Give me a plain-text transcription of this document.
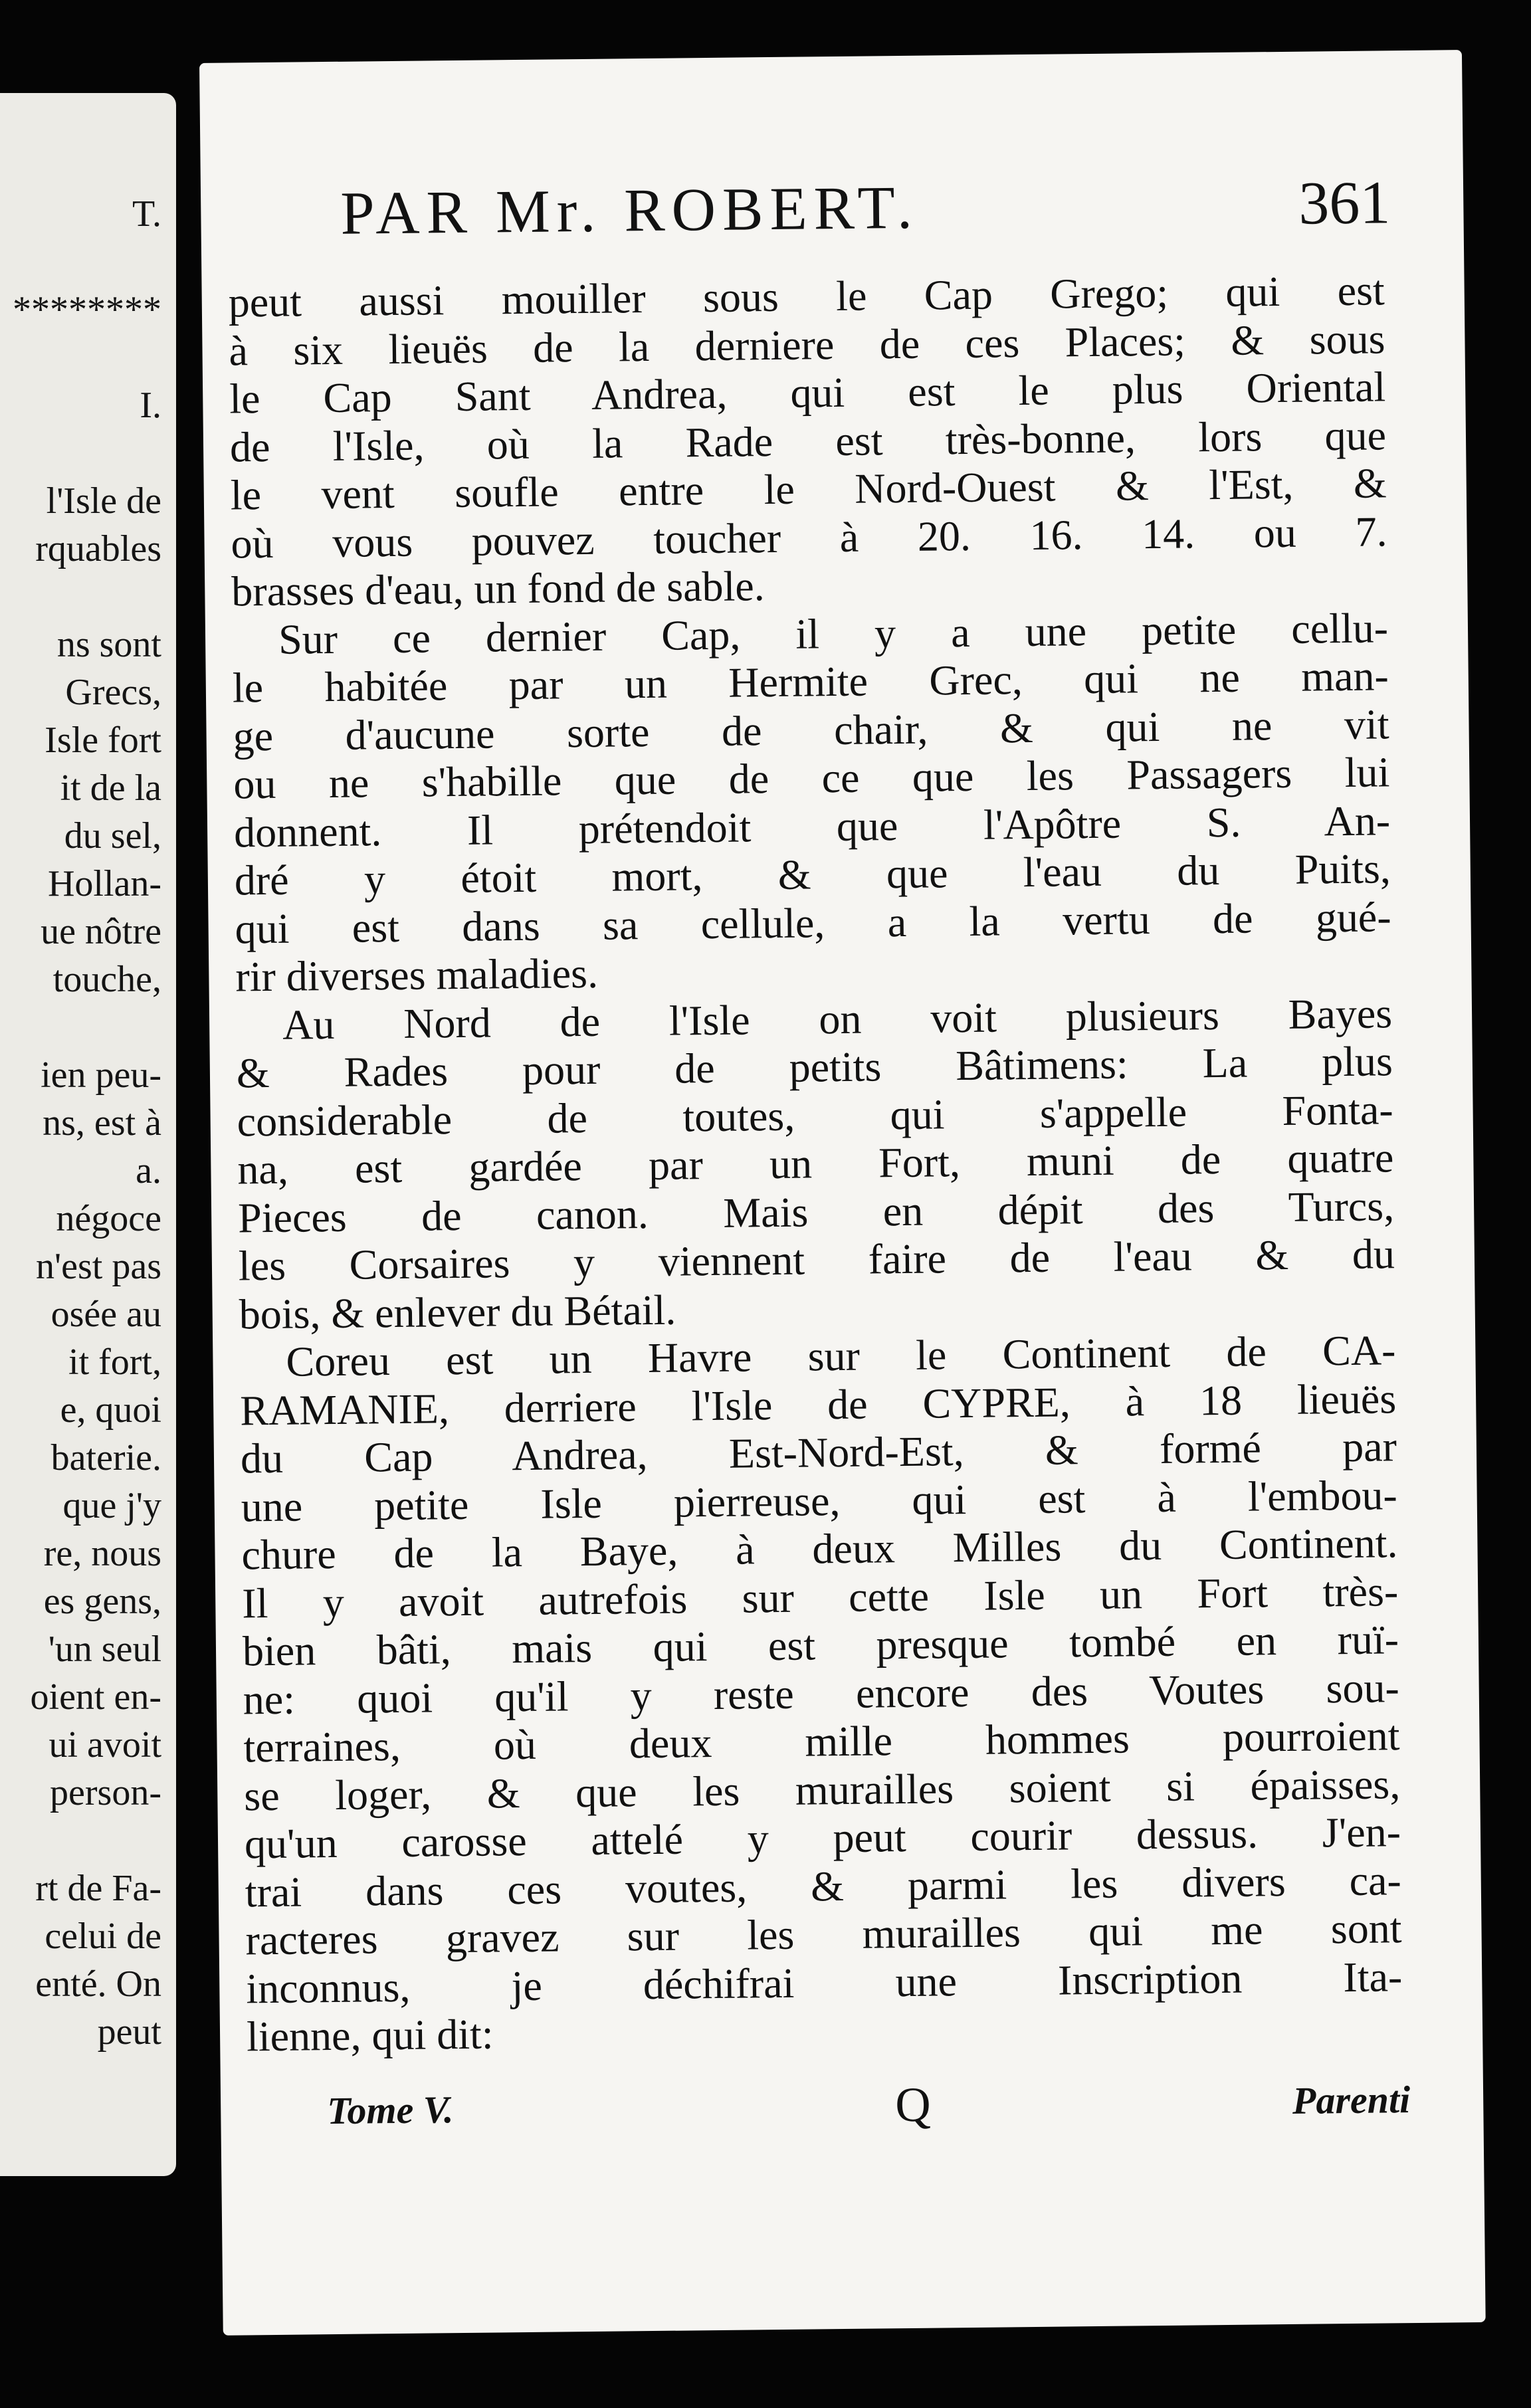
T.
********
I.
l'Isle de
rquables
ns sont
Grecs,
Isle fort
it de la
du sel,
Hollan-
ue nôtre
touche,
ien peu-
ns, est à
a.
négoce
n'est pas
osée au
it fort,
e, quoi
baterie.
que j'y
re, nous
es gens,
'un seul
oient en-
ui avoit
person-
rt de Fa-
celui de
enté. On
peut
PAR Mr. ROBERT.	361
peut aussi mouiller sous le Cap Grego; qui est
à six lieuës de la derniere de ces Places; & sous
le Cap Sant Andrea, qui est le plus Oriental
de l'Isle, où la Rade est très-bonne, lors que
le vent soufle entre le Nord-Ouest & l'Est, &
où vous pouvez toucher à 20. 16. 14. ou 7.
brasses d'eau, un fond de sable.
Sur ce dernier Cap, il y a une petite cellu-
le habitée par un Hermite Grec, qui ne man-
ge d'aucune sorte de chair, & qui ne vit
ou ne s'habille que de ce que les Passagers lui
donnent. Il prétendoit que l'Apôtre S. An-
dré y étoit mort, & que l'eau du Puits,
qui est dans sa cellule, a la vertu de gué-
rir diverses maladies.
Au Nord de l'Isle on voit plusieurs Bayes
& Rades pour de petits Bâtimens: La plus
considerable de toutes, qui s'appelle Fonta-
na, est gardée par un Fort, muni de quatre
Pieces de canon. Mais en dépit des Turcs,
les Corsaires y viennent faire de l'eau & du
bois, & enlever du Bétail.
Coreu est un Havre sur le Continent de CA-
RAMANIE, derriere l'Isle de CYPRE, à 18 lieuës
du Cap Andrea, Est-Nord-Est, & formé par
une petite Isle pierreuse, qui est à l'embou-
chure de la Baye, à deux Milles du Continent.
Il y avoit autrefois sur cette Isle un Fort très-
bien bâti, mais qui est presque tombé en ruï-
ne: quoi qu'il y reste encore des Voutes sou-
terraines, où deux mille hommes pourroient
se loger, & que les murailles soient si épaisses,
qu'un carosse attelé y peut courir dessus. J'en-
trai dans ces voutes, & parmi les divers ca-
racteres gravez sur les murailles qui me sont
inconnus, je déchifrai une Inscription Ita-
lienne, qui dit:
Tome V.	Q	Parenti
